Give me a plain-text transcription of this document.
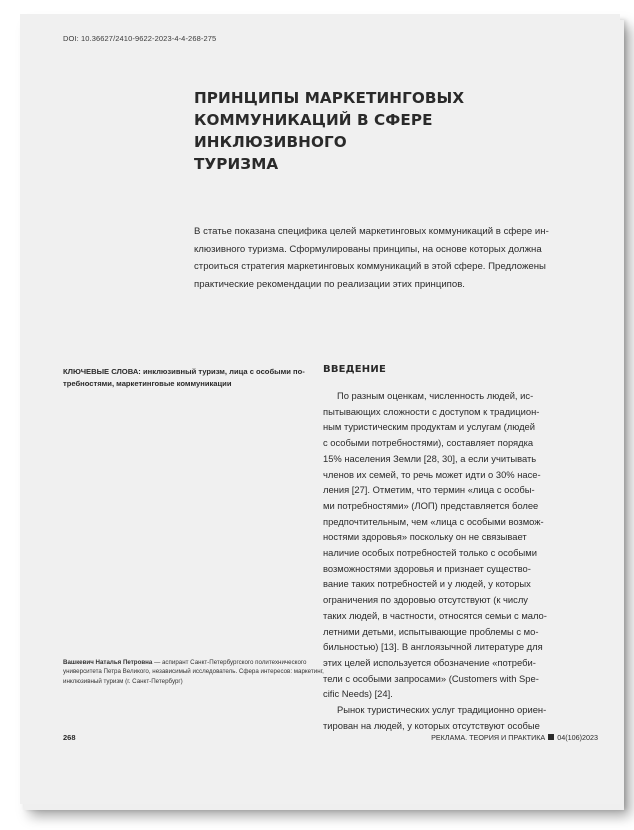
DOI: 10.36627/2410-9622-2023-4-4-268-275
ПРИНЦИПЫ МАРКЕТИНГОВЫХ
КОММУНИКАЦИЙ В СФЕРЕ ИНКЛЮЗИВНОГО
ТУРИЗМА
В статье показана специфика целей маркетинговых коммуникаций в сфере ин-
клюзивного туризма. Сформулированы принципы, на основе которых должна
строиться стратегия маркетинговых коммуникаций в этой сфере. Предложены
практические рекомендации по реализации этих принципов.
КЛЮЧЕВЫЕ СЛОВА: инклюзивный туризм, лица с особыми по-
требностями, маркетинговые коммуникации
Вашкевич Наталья Петровна — аспирант Санкт-Петербургского политехнического
университета Петра Великого, независимый исследователь. Сфера интересов: маркетинг,
инклюзивный туризм (г. Санкт-Петербург)
ВВЕДЕНИЕ
По разным оценкам, численность людей, ис-
пытывающих сложности с доступом к традицион-
ным туристическим продуктам и услугам (людей
с особыми потребностями), составляет порядка
15% населения Земли [28, 30], а если учитывать
членов их семей, то речь может идти о 30% насе-
ления [27]. Отметим, что термин «лица с особы-
ми потребностями» (ЛОП) представляется более
предпочтительным, чем «лица с особыми возмож-
ностями здоровья» поскольку он не связывает
наличие особых потребностей только с особыми
возможностями здоровья и признает существо-
вание таких потребностей и у людей, у которых
ограничения по здоровью отсутствуют (к числу
таких людей, в частности, относятся семьи с мало-
летними детьми, испытывающие проблемы с мо-
бильностью) [13]. В англоязычной литературе для
этих целей используется обозначение «потреби-
тели с особыми запросами» (Customers with Spe-
cific Needs) [24].
Рынок туристических услуг традиционно ориен-
тирован на людей, у которых отсутствуют особые
268	РЕКЛАМА. ТЕОРИЯ И ПРАКТИКА 04(106)2023
